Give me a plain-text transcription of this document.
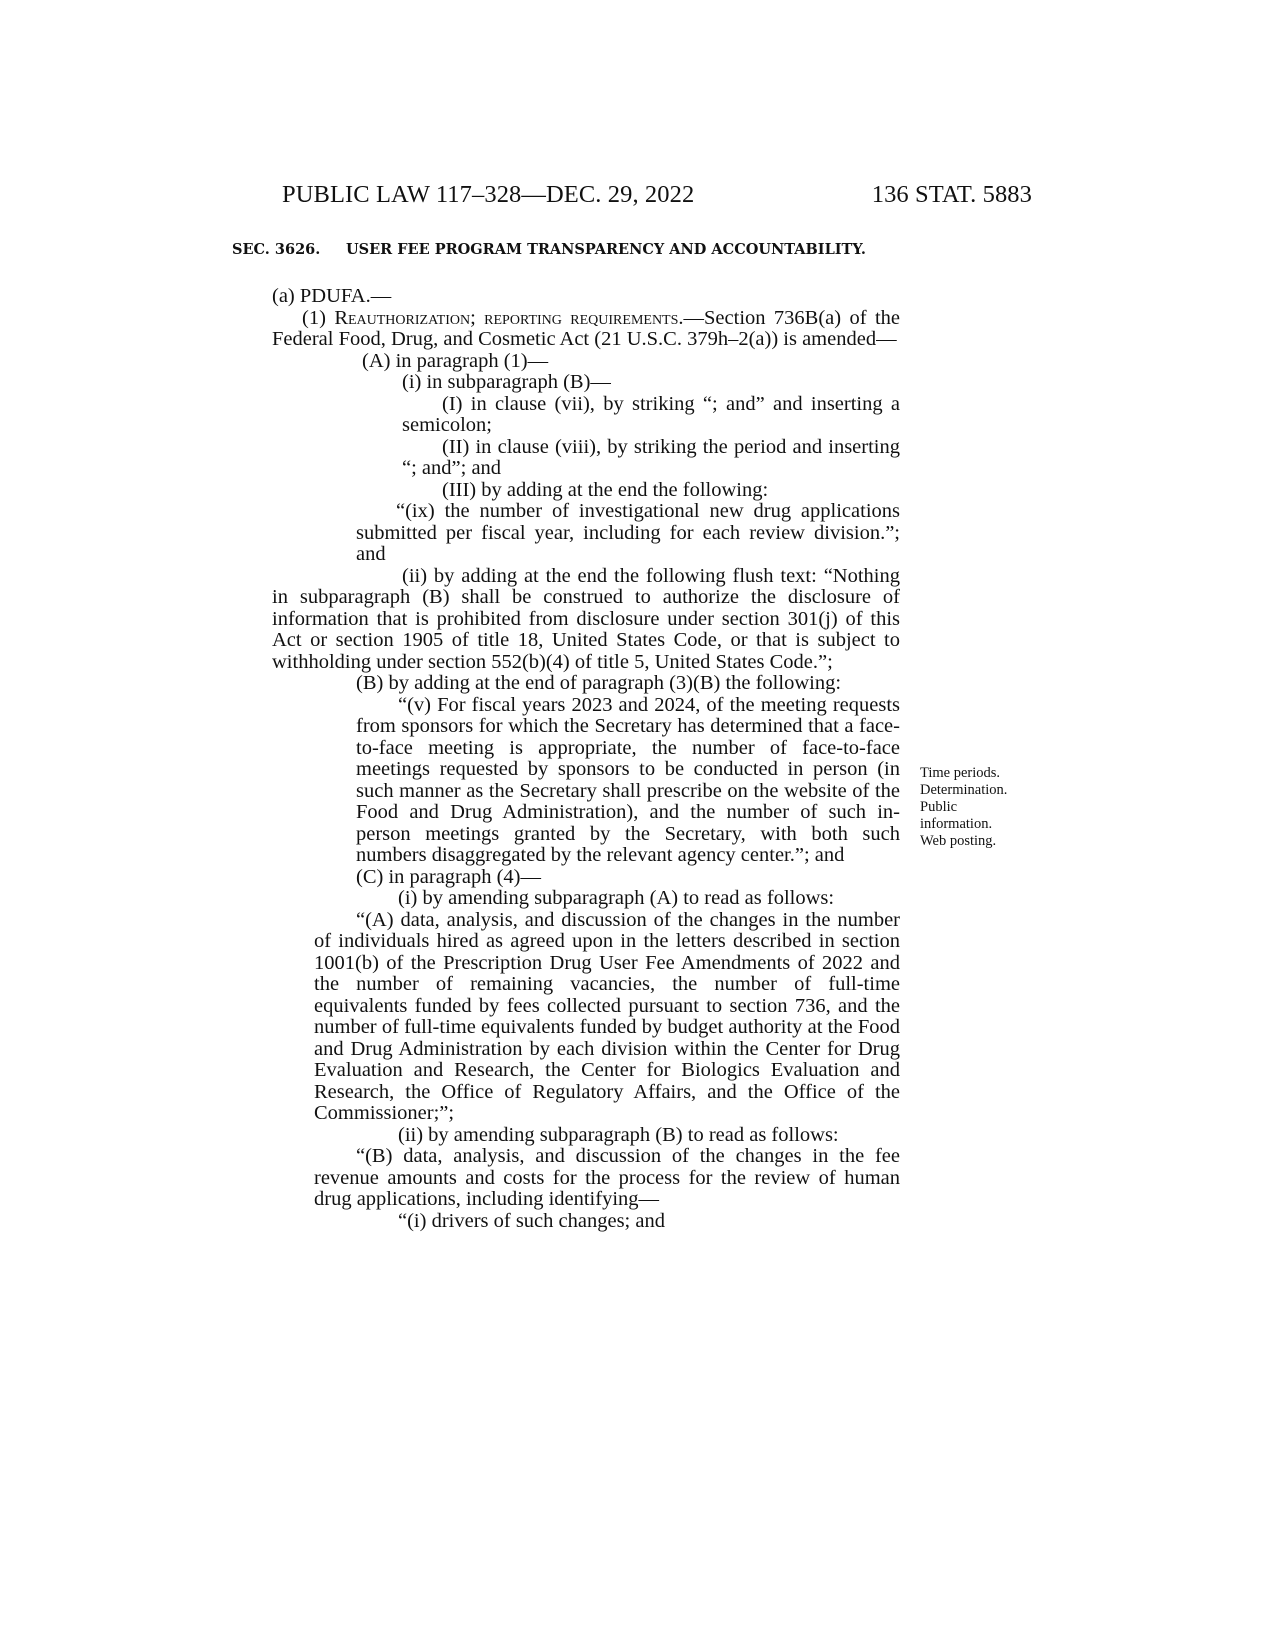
PUBLIC LAW 117–328—DEC. 29, 2022	136 STAT. 5883
SEC. 3626. USER FEE PROGRAM TRANSPARENCY AND ACCOUNTABILITY.

(a) PDUFA.—

(1) Reauthorization; reporting requirements.—Section 736B(a) of the Federal Food, Drug, and Cosmetic Act (21 U.S.C. 379h–2(a)) is amended—

(A) in paragraph (1)—

(i) in subparagraph (B)—

(I) in clause (vii), by striking “; and” and inserting a semicolon;

(II) in clause (viii), by striking the period and inserting “; and”; and

(III) by adding at the end the following:

“(ix) the number of investigational new drug applications submitted per fiscal year, including for each review division.”; and

(ii) by adding at the end the following flush text: “Nothing in subparagraph (B) shall be construed to authorize the disclosure of information that is prohibited from disclosure under section 301(j) of this Act or section 1905 of title 18, United States Code, or that is subject to withholding under section 552(b)(4) of title 5, United States Code.”;

(B) by adding at the end of paragraph (3)(B) the following:

“(v) For fiscal years 2023 and 2024, of the meeting requests from sponsors for which the Secretary has determined that a face-to-face meeting is appropriate, the number of face-to-face meetings requested by sponsors to be conducted in person (in such manner as the Secretary shall prescribe on the website of the Food and Drug Administration), and the number of such in-person meetings granted by the Secretary, with both such numbers disaggregated by the relevant agency center.”; and

(C) in paragraph (4)—

(i) by amending subparagraph (A) to read as follows:

“(A) data, analysis, and discussion of the changes in the number of individuals hired as agreed upon in the letters described in section 1001(b) of the Prescription Drug User Fee Amendments of 2022 and the number of remaining vacancies, the number of full-time equivalents funded by fees collected pursuant to section 736, and the number of full-time equivalents funded by budget authority at the Food and Drug Administration by each division within the Center for Drug Evaluation and Research, the Center for Biologics Evaluation and Research, the Office of Regulatory Affairs, and the Office of the Commissioner;”;

(ii) by amending subparagraph (B) to read as follows:

“(B) data, analysis, and discussion of the changes in the fee revenue amounts and costs for the process for the review of human drug applications, including identifying—

“(i) drivers of such changes; and

Time periods.
Determination.
Public
information.
Web posting.
